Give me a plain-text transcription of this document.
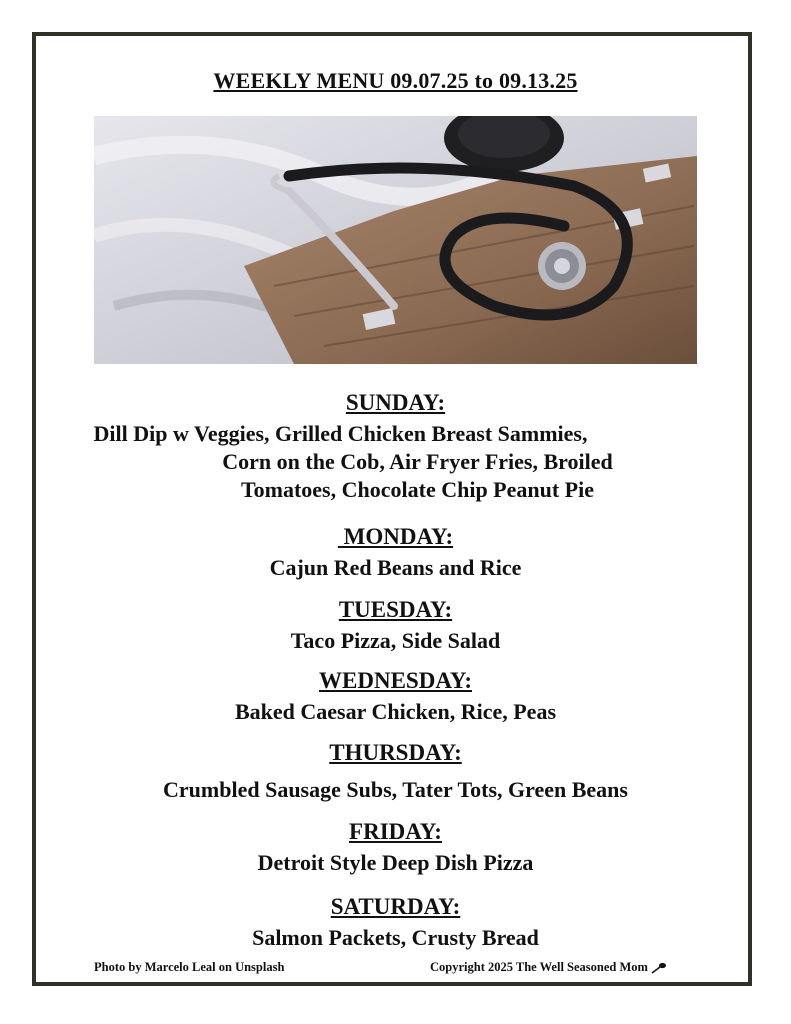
WEEKLY MENU 09.07.25 to 09.13.25
SUNDAY:
Dill Dip w Veggies, Grilled Chicken Breast Sammies,
Corn on the Cob, Air Fryer Fries, Broiled
Tomatoes, Chocolate Chip Peanut Pie
MONDAY:
Cajun Red Beans and Rice
TUESDAY:
Taco Pizza, Side Salad
WEDNESDAY:
Baked Caesar Chicken, Rice, Peas
THURSDAY:
Crumbled Sausage Subs, Tater Tots, Green Beans
FRIDAY:
Detroit Style Deep Dish Pizza
SATURDAY:
Salmon Packets, Crusty Bread
Photo by Marcelo Leal on Unsplash	Copyright 2025 The Well Seasoned Mom
